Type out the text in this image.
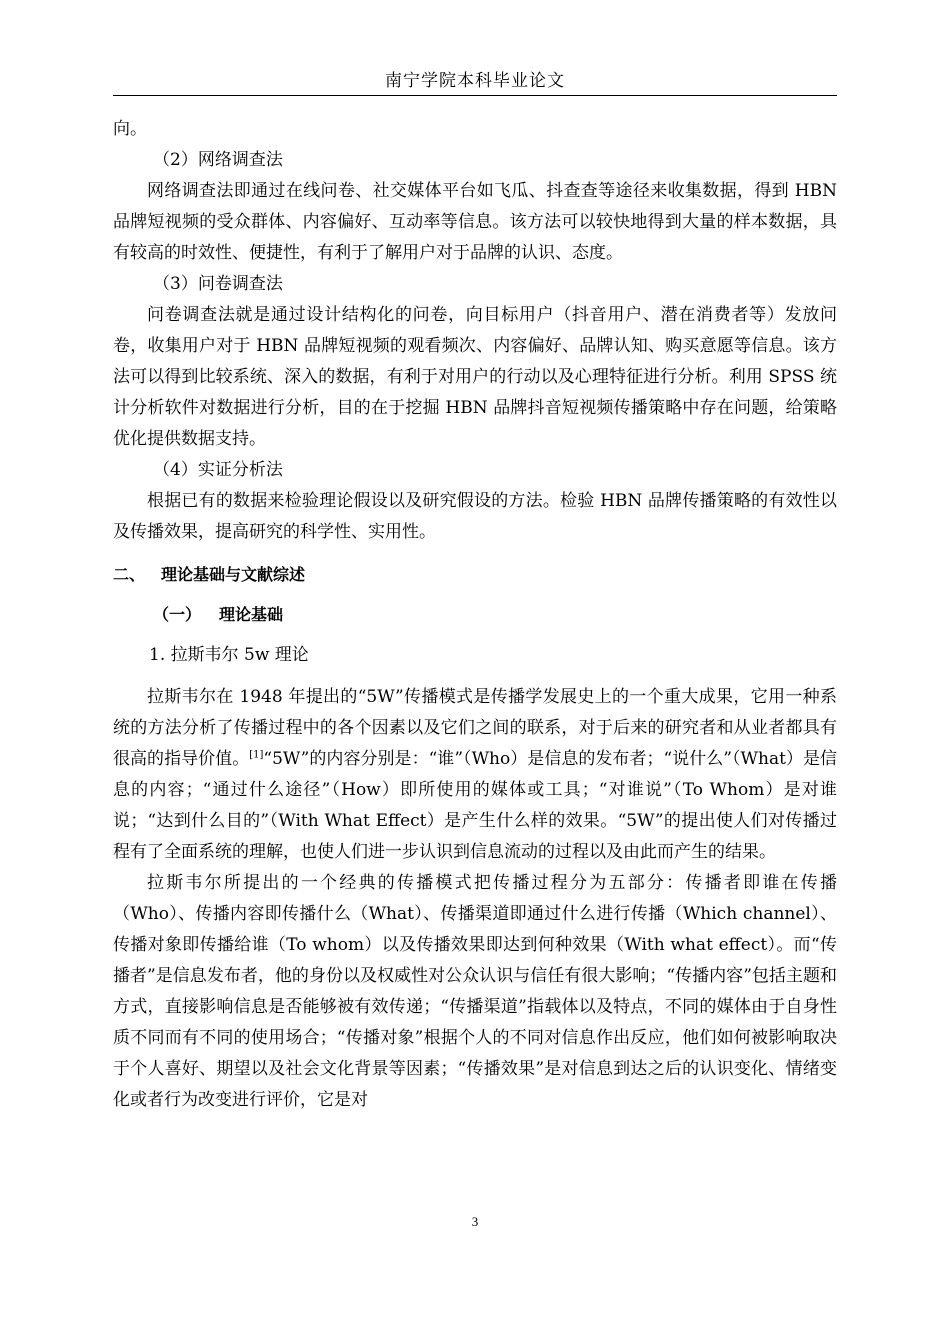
南宁学院本科毕业论文

向。

（2）网络调查法

网络调查法即通过在线问卷、社交媒体平台如飞瓜、抖查查等途径来收集数据，得到 HBN 品牌短视频的受众群体、内容偏好、互动率等信息。该方法可以较快地得到大量的样本数据，具有较高的时效性、便捷性，有利于了解用户对于品牌的认识、态度。

（3）问卷调查法

问卷调查法就是通过设计结构化的问卷，向目标用户（抖音用户、潜在消费者等）发放问卷，收集用户对于 HBN 品牌短视频的观看频次、内容偏好、品牌认知、购买意愿等信息。该方法可以得到比较系统、深入的数据，有利于对用户的行动以及心理特征进行分析。利用 SPSS 统计分析软件对数据进行分析，目的在于挖掘 HBN 品牌抖音短视频传播策略中存在问题，给策略优化提供数据支持。

（4）实证分析法

根据已有的数据来检验理论假设以及研究假设的方法。检验 HBN 品牌传播策略的有效性以及传播效果，提高研究的科学性、实用性。

二、 理论基础与文献综述
（一） 理论基础
1. 拉斯韦尔 5w 理论

拉斯韦尔在 1948 年提出的“5W”传播模式是传播学发展史上的一个重大成果，它用一种系统的方法分析了传播过程中的各个因素以及它们之间的联系，对于后来的研究者和从业者都具有很高的指导价值。[1]“5W”的内容分别是：“谁”（Who）是信息的发布者；“说什么”（What）是信息的内容；“通过什么途径”（How）即所使用的媒体或工具；“对谁说”（To Whom）是对谁说；“达到什么目的”（With What Effect）是产生什么样的效果。“5W”的提出使人们对传播过程有了全面系统的理解，也使人们进一步认识到信息流动的过程以及由此而产生的结果。

拉斯韦尔所提出的一个经典的传播模式把传播过程分为五部分：传播者即谁在传播（Who）、传播内容即传播什么（What）、传播渠道即通过什么进行传播（Which channel）、传播对象即传播给谁（To whom）以及传播效果即达到何种效果（With what effect）。而“传播者”是信息发布者，他的身份以及权威性对公众认识与信任有很大影响；“传播内容”包括主题和方式，直接影响信息是否能够被有效传递；“传播渠道”指载体以及特点，不同的媒体由于自身性质不同而有不同的使用场合；“传播对象”根据个人的不同对信息作出反应，他们如何被影响取决于个人喜好、期望以及社会文化背景等因素；“传播效果”是对信息到达之后的认识变化、情绪变化或者行为改变进行评价，它是对

3
